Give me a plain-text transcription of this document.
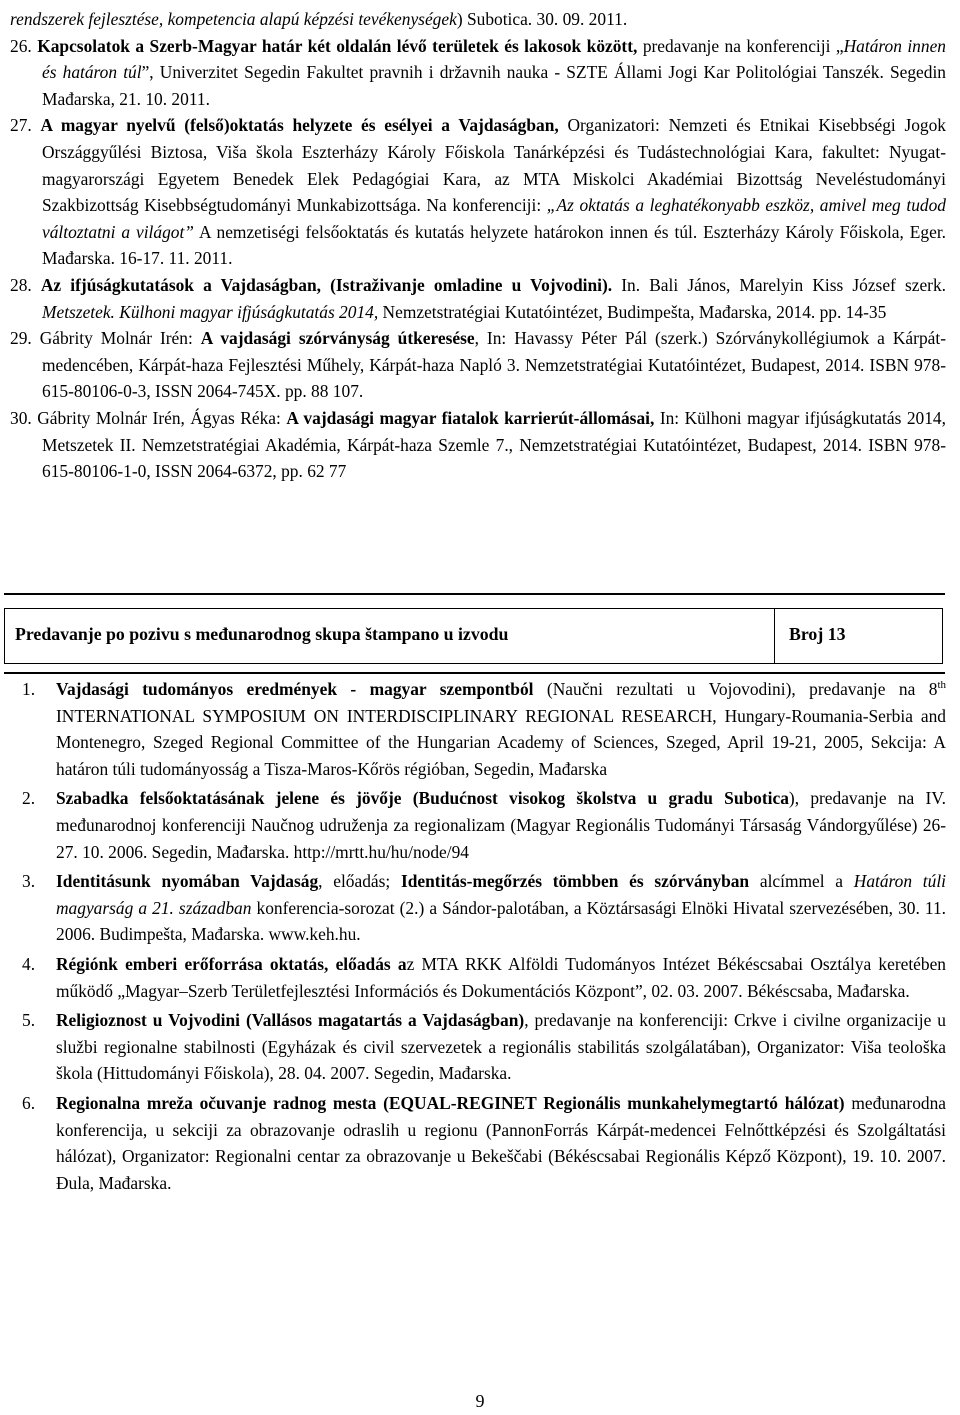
rendszerek fejlesztése, kompetencia alapú képzési tevékenységek) Subotica. 30. 09. 2011.

26. Kapcsolatok a Szerb-Magyar határ két oldalán lévő területek és lakosok között, predavanje na konferenciji „Határon innen és határon túl”, Univerzitet Segedin Fakultet pravnih i državnih nauka - SZTE Állami Jogi Kar Politológiai Tanszék. Segedin Mađarska, 21. 10. 2011.

27. A magyar nyelvű (felső)oktatás helyzete és esélyei a Vajdaságban, Organizatori: Nemzeti és Etnikai Kisebbségi Jogok Országgyűlési Biztosa, Viša škola Eszterházy Károly Főiskola Tanárképzési és Tudástechnológiai Kara, fakultet: Nyugat-magyarországi Egyetem Benedek Elek Pedagógiai Kara, az MTA Miskolci Akadémiai Bizottság Neveléstudományi Szakbizottság Kisebbségtudományi Munkabizottsága. Na konferenciji: „Az oktatás a leghatékonyabb eszköz, amivel meg tudod változtatni a világot” A nemzetiségi felsőoktatás és kutatás helyzete határokon innen és túl. Eszterházy Károly Főiskola, Eger. Mađarska. 16-17. 11. 2011.

28. Az ifjúságkutatások a Vajdaságban, (Istraživanje omladine u Vojvodini). In. Bali János, Marelyin Kiss József szerk. Metszetek. Külhoni magyar ifjúságkutatás 2014, Nemzetstratégiai Kutatóintézet, Budimpešta, Mađarska, 2014. pp. 14-35

29. Gábrity Molnár Irén: A vajdasági szórványság útkeresése, In: Havassy Péter Pál (szerk.) Szórványkollégiumok a Kárpát-medencében, Kárpát-haza Fejlesztési Műhely, Kárpát-haza Napló 3. Nemzetstratégiai Kutatóintézet, Budapest, 2014. ISBN 978-615-80106-0-3, ISSN 2064-745X. pp. 88 107.

30. Gábrity Molnár Irén, Ágyas Réka: A vajdasági magyar fiatalok karrierút-állomásai, In: Külhoni magyar ifjúságkutatás 2014, Metszetek II. Nemzetstratégiai Akadémia, Kárpát-haza Szemle 7., Nemzetstratégiai Kutatóintézet, Budapest, 2014. ISBN 978-615-80106-1-0, ISSN 2064-6372, pp. 62 77

Predavanje po pozivu s međunarodnog skupa štampano u izvodu	Broj 13

1. Vajdasági tudományos eredmények - magyar szempontból (Naučni rezultati u Vojovodini), predavanje na 8th INTERNATIONAL SYMPOSIUM ON INTERDISCIPLINARY REGIONAL RESEARCH, Hungary-Roumania-Serbia and Montenegro, Szeged Regional Committee of the Hungarian Academy of Sciences, Szeged, April 19-21, 2005, Sekcija: A határon túli tudományosság a Tisza-Maros-Kőrös régióban, Segedin, Mađarska

2. Szabadka felsőoktatásának jelene és jövője (Budućnost visokog školstva u gradu Subotica), predavanje na IV. međunarodnoj konferenciji Naučnog udruženja za regionalizam (Magyar Regionális Tudományi Társaság Vándorgyűlése) 26-27. 10. 2006. Segedin, Mađarska. http://mrtt.hu/hu/node/94

3. Identitásunk nyomában Vajdaság, előadás; Identitás-megőrzés tömbben és szórványban alcímmel a Határon túli magyarság a 21. században konferencia-sorozat (2.) a Sándor-palotában, a Köztársasági Elnöki Hivatal szervezésében, 30. 11. 2006. Budimpešta, Mađarska. www.keh.hu.

4. Régiónk emberi erőforrása oktatás, előadás az MTA RKK Alföldi Tudományos Intézet Békéscsabai Osztálya keretében működő „Magyar–Szerb Területfejlesztési Információs és Dokumentációs Központ”, 02. 03. 2007. Békéscsaba, Mađarska.

5. Religioznost u Vojvodini (Vallásos magatartás a Vajdaságban), predavanje na konferenciji: Crkve i civilne organizacije u službi regionalne stabilnosti (Egyházak és civil szervezetek a regionális stabilitás szolgálatában), Organizator: Viša teološka škola (Hittudományi Főiskola), 28. 04. 2007. Segedin, Mađarska.

6. Regionalna mreža očuvanje radnog mesta (EQUAL-REGINET Regionális munkahelymegtartó hálózat) međunarodna konferencija, u sekciji za obrazovanje odraslih u regionu (PannonForrás Kárpát-medencei Felnőttképzési és Szolgáltatási hálózat), Organizator: Regionalni centar za obrazovanje u Bekeščabi (Békéscsabai Regionális Képző Központ), 19. 10. 2007. Đula, Mađarska.

9
